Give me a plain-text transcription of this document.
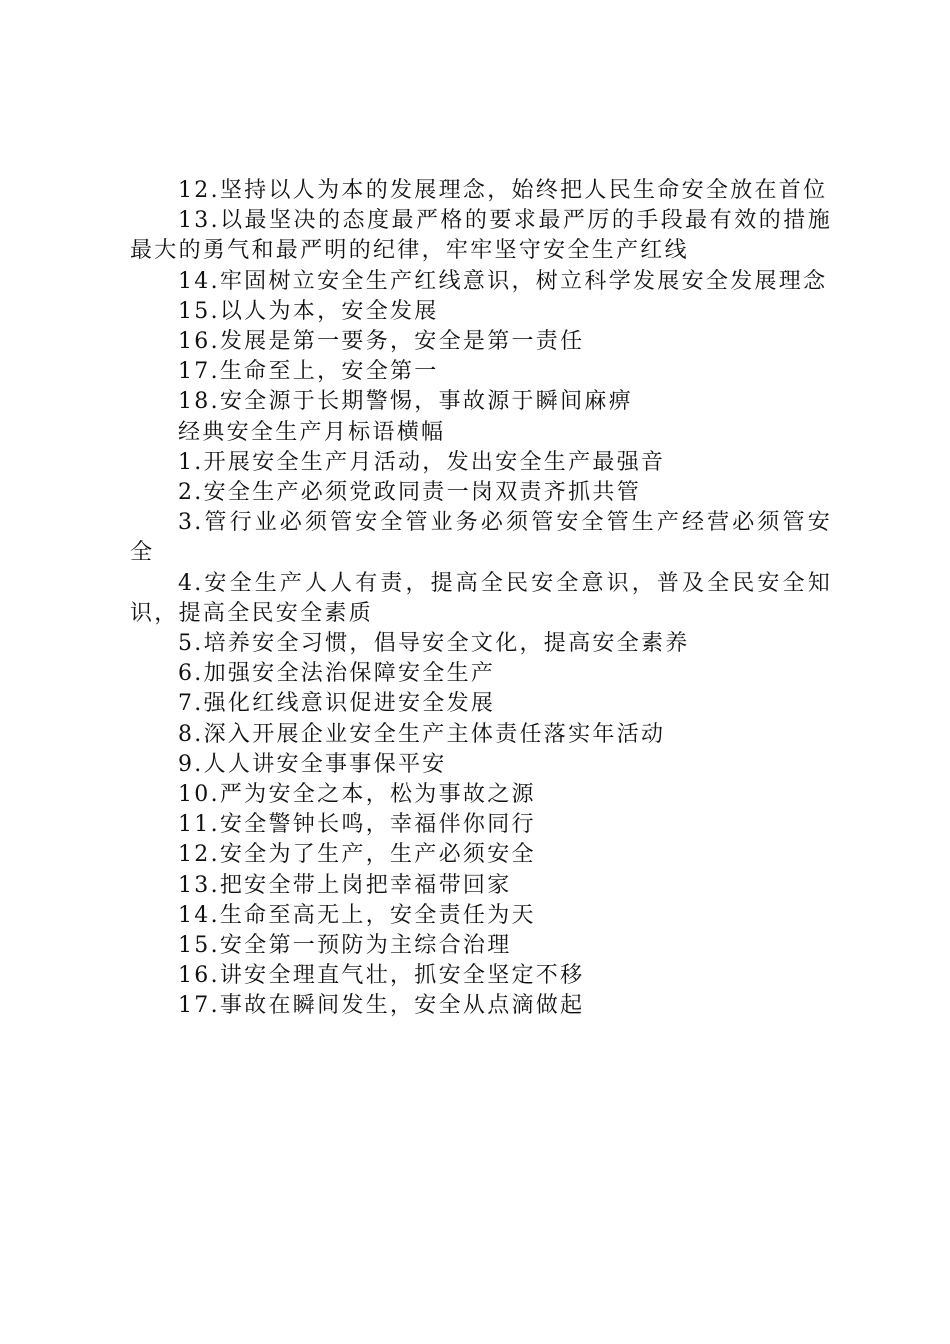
12.坚持以人为本的发展理念，始终把人民生命安全放在首位

13.以最坚决的态度最严格的要求最严厉的手段最有效的措施最大的勇气和最严明的纪律，牢牢坚守安全生产红线

14.牢固树立安全生产红线意识，树立科学发展安全发展理念

15.以人为本，安全发展

16.发展是第一要务，安全是第一责任

17.生命至上，安全第一

18.安全源于长期警惕，事故源于瞬间麻痹

经典安全生产月标语横幅

1.开展安全生产月活动，发出安全生产最强音

2.安全生产必须党政同责一岗双责齐抓共管

3.管行业必须管安全管业务必须管安全管生产经营必须管安全

4.安全生产人人有责，提高全民安全意识，普及全民安全知识，提高全民安全素质

5.培养安全习惯，倡导安全文化，提高安全素养

6.加强安全法治保障安全生产

7.强化红线意识促进安全发展

8.深入开展企业安全生产主体责任落实年活动

9.人人讲安全事事保平安

10.严为安全之本，松为事故之源

11.安全警钟长鸣，幸福伴你同行

12.安全为了生产，生产必须安全

13.把安全带上岗把幸福带回家

14.生命至高无上，安全责任为天

15.安全第一预防为主综合治理

16.讲安全理直气壮，抓安全坚定不移

17.事故在瞬间发生，安全从点滴做起
